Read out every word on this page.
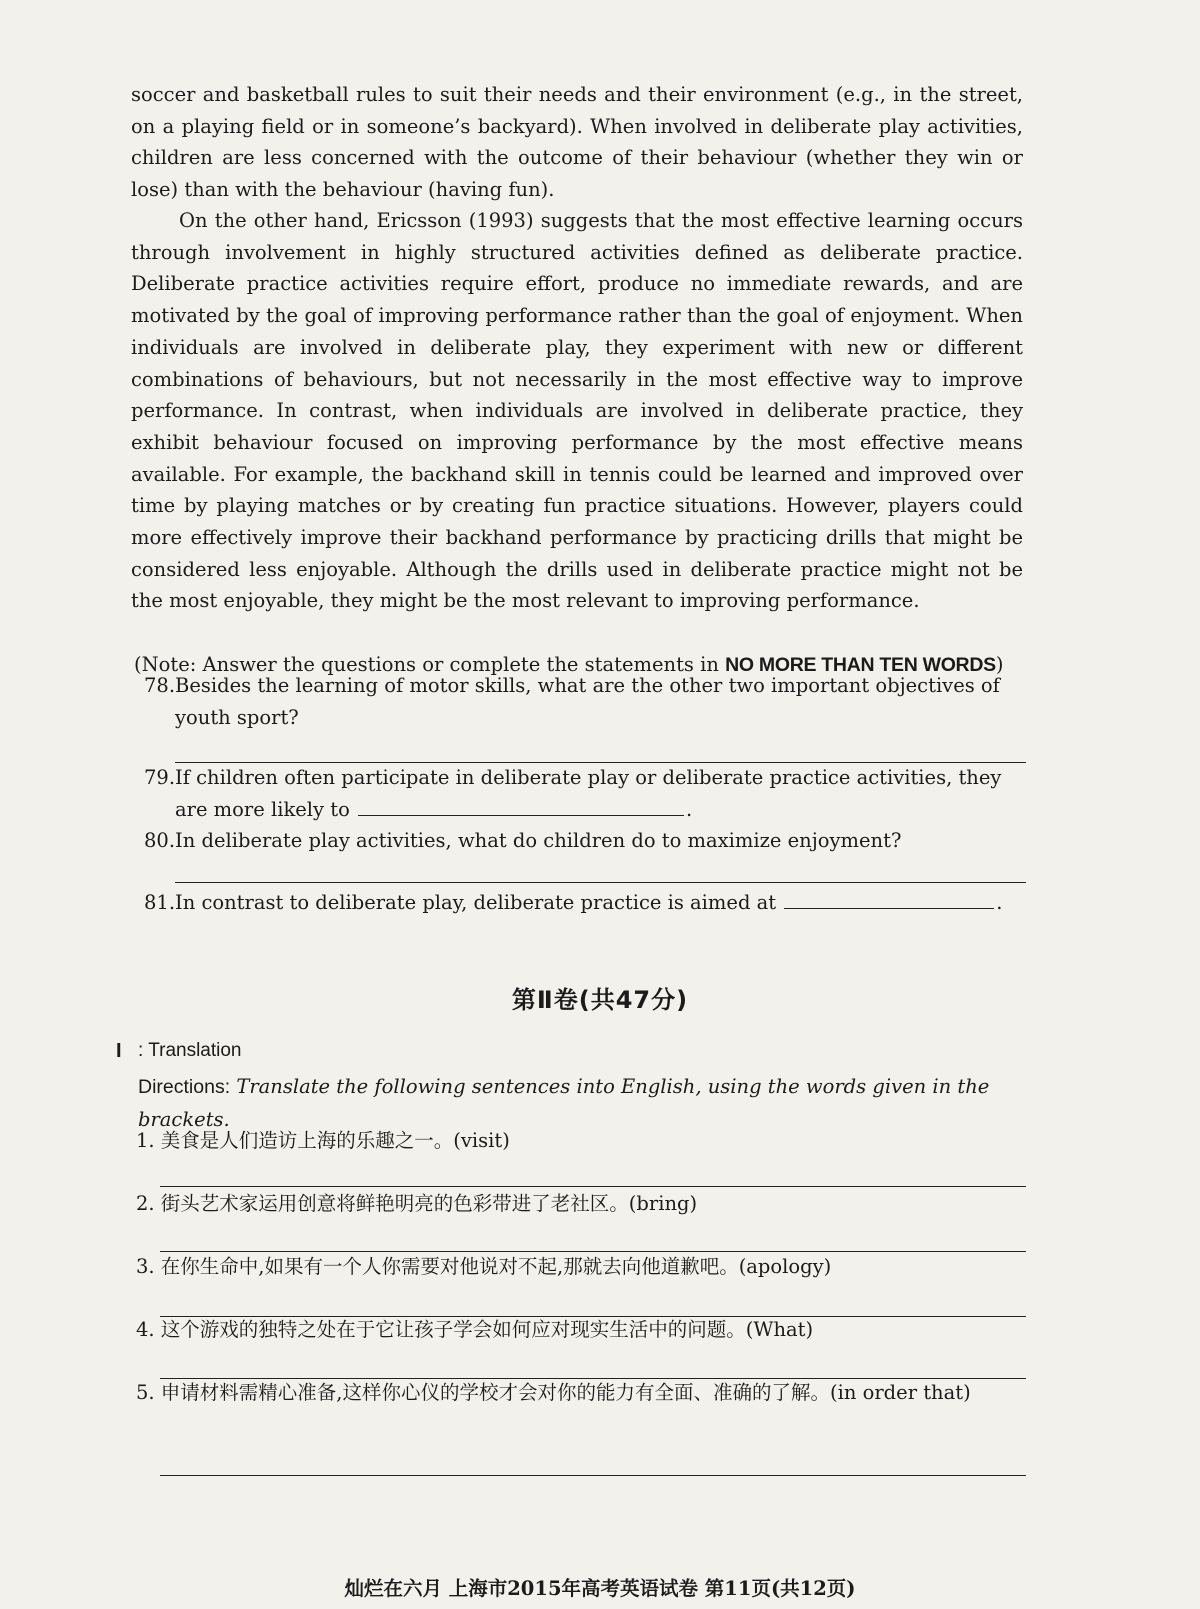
soccer and basketball rules to suit their needs and their environment (e.g., in the street, on a playing field or in someone’s backyard). When involved in deliberate play activities, children are less concerned with the outcome of their behaviour (whether they win or lose) than with the behaviour (having fun).
On the other hand, Ericsson (1993) suggests that the most effective learning occurs through involvement in highly structured activities defined as deliberate practice. Deliberate practice activities require effort, produce no immediate rewards, and are motivated by the goal of improving performance rather than the goal of enjoyment. When individuals are involved in deliberate play, they experiment with new or different combinations of behaviours, but not necessarily in the most effective way to improve performance. In contrast, when individuals are involved in deliberate practice, they exhibit behaviour focused on improving performance by the most effective means available. For example, the backhand skill in tennis could be learned and improved over time by playing matches or by creating fun practice situations. However, players could more effectively improve their backhand performance by practicing drills that might be considered less enjoyable. Although the drills used in deliberate practice might not be the most enjoyable, they might be the most relevant to improving performance.
(Note: Answer the questions or complete the statements in NO MORE THAN TEN WORDS)
78. Besides the learning of motor skills, what are the other two important objectives of youth sport?
79. If children often participate in deliberate play or deliberate practice activities, they are more likely to	.
80. In deliberate play activities, what do children do to maximize enjoyment?
81. In contrast to deliberate play, deliberate practice is aimed at	.
第Ⅱ卷(共47分)
I : Translation
Directions: Translate the following sentences into English, using the words given in the brackets.
1. 美食是人们造访上海的乐趣之一。(visit)
2. 街头艺术家运用创意将鲜艳明亮的色彩带进了老社区。(bring)
3. 在你生命中,如果有一个人你需要对他说对不起,那就去向他道歉吧。(apology)
4. 这个游戏的独特之处在于它让孩子学会如何应对现实生活中的问题。(What)
5. 申请材料需精心准备,这样你心仪的学校才会对你的能力有全面、准确的了解。(in order that)
灿烂在六月 上海市2015年高考英语试卷 第11页(共12页)
